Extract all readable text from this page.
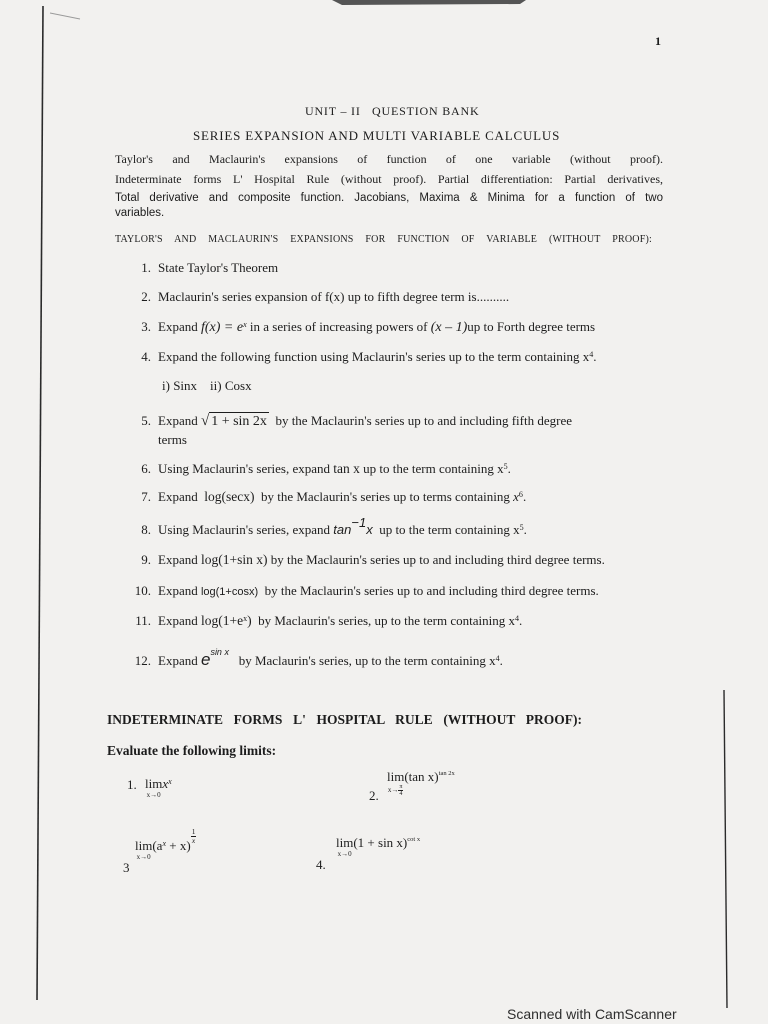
1
UNIT – II   QUESTION BANK
SERIES EXPANSION AND MULTI VARIABLE CALCULUS
Taylor's and Maclaurin's expansions of function of one variable (without proof).
Indeterminate forms L' Hospital Rule (without proof). Partial differentiation: Partial derivatives,
Total derivative and composite function. Jacobians, Maxima & Minima for a function of two
variables.
TAYLOR'S AND MACLAURIN'S EXPANSIONS FOR FUNCTION OF VARIABLE (WITHOUT PROOF):
1. State Taylor's Theorem
2. Maclaurin's series expansion of f(x) up to fifth degree term is..........
3. Expand $f(x) = e^x$ in a series of increasing powers of (x – 1)up to Forth degree terms
4. Expand the following function using Maclaurin's series up to the term containing $x^4$.
i) Sinx ii) Cosx
5. Expand √ 1 + sin 2x by the Maclaurin's series up to and including fifth degree
terms
6. Using Maclaurin's series, expand tan x up to the term containing $x^5$.
7. Expand log(secx) by the Maclaurin's series up to terms containing $x^6$.
8. Using Maclaurin's series, expand tan−1x up to the term containing $x^5$.
9. Expand log(1+sin x) by the Maclaurin's series up to and including third degree terms.
10. Expand log(1+cosx) by the Maclaurin's series up to and including third degree terms.
11. Expand $\log(1+e^x)$ by Maclaurin's series, up to the term containing $x^4$.
12. Expand $e^{sin x}$   by Maclaurin's series, up to the term containing $x^4$.
INDETERMINATE FORMS L' HOSPITAL RULE (WITHOUT PROOF):
Evaluate the following limits:
1. lim
x→0
$x^x$
2.
lim
$x\to \frac{\pi}{4}$
(tan x)$^{tan 2x}$
3
lim
x→0
$(a^x + x)$
$\frac{1}{x}$
4.
lim
x→0
$(1 + \sin x)^{cot x}$
Scanned with CamScanner
